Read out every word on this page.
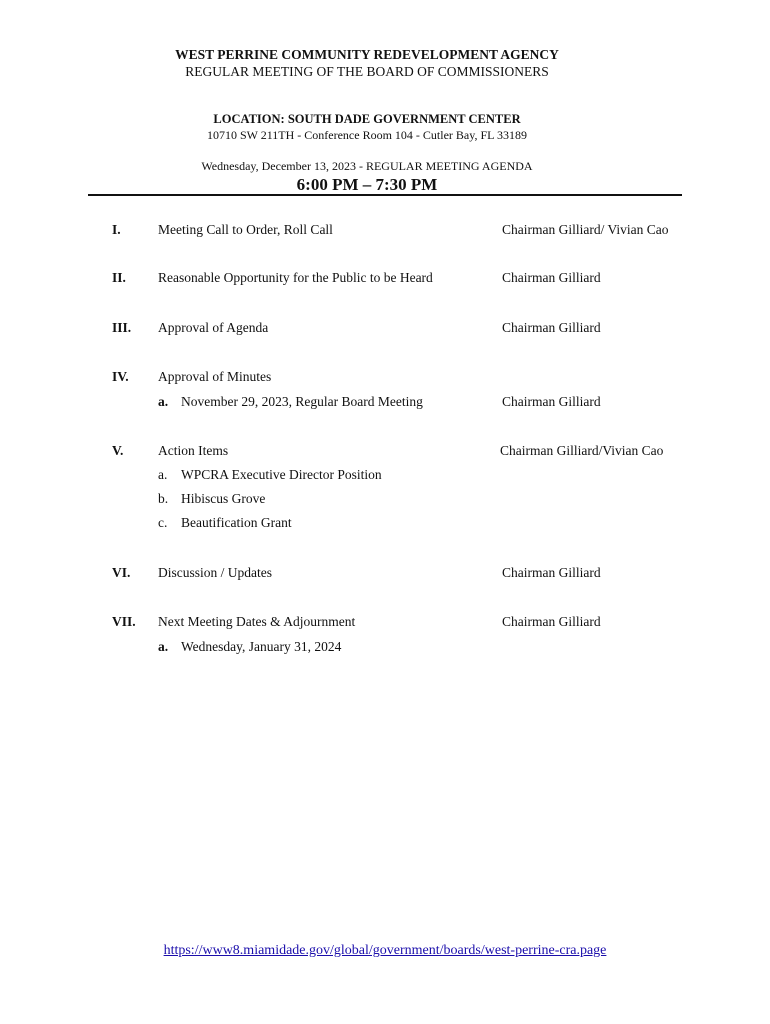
WEST PERRINE COMMUNITY REDEVELOPMENT AGENCY
REGULAR MEETING OF THE BOARD OF COMMISSIONERS
LOCATION: SOUTH DADE GOVERNMENT CENTER
10710 SW 211TH - Conference Room 104 - Cutler Bay, FL 33189
Wednesday, December 13, 2023 - REGULAR MEETING AGENDA
6:00 PM – 7:30 PM
I.	Meeting Call to Order, Roll Call	Chairman Gilliard/ Vivian Cao
II. Reasonable Opportunity for the Public to be Heard	Chairman Gilliard
III. Approval of Agenda	Chairman Gilliard
IV. Approval of Minutes
a. November 29, 2023, Regular Board Meeting	Chairman Gilliard
V.	Action Items	Chairman Gilliard/Vivian Cao
a. WPCRA Executive Director Position
b. Hibiscus Grove
c. Beautification Grant
VI. Discussion / Updates	Chairman Gilliard
VII. Next Meeting Dates & Adjournment	Chairman Gilliard
a. Wednesday, January 31, 2024
https://www8.miamidade.gov/global/government/boards/west-perrine-cra.page
